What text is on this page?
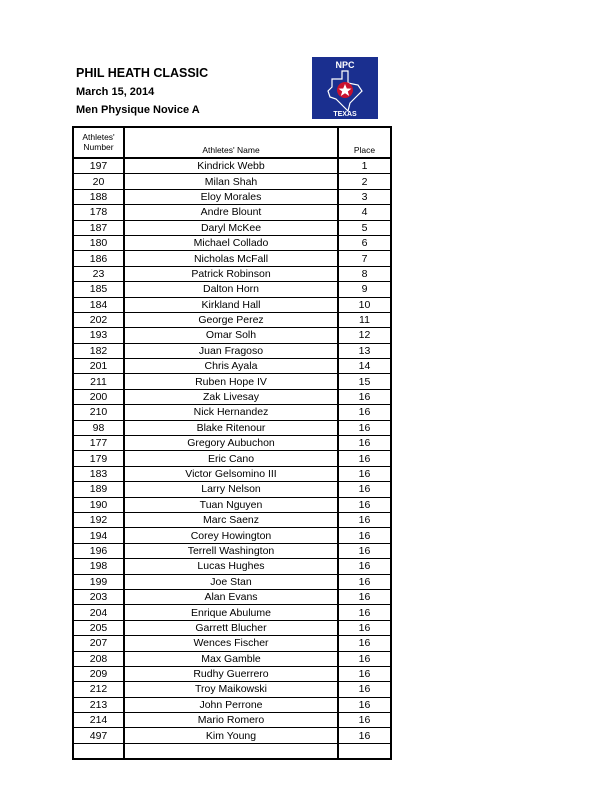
PHIL HEATH CLASSIC
March 15, 2014
Men Physique Novice A
NPC
TEXAS
Athletes'
Number	Athletes' Name	Place
197	Kindrick Webb	1
20	Milan Shah	2
188	Eloy Morales	3
178	Andre Blount	4
187	Daryl McKee	5
180	Michael Collado	6
186	Nicholas McFall	7
23	Patrick Robinson	8
185	Dalton Horn	9
184	Kirkland Hall	10
202	George Perez	11
193	Omar Solh	12
182	Juan Fragoso	13
201	Chris Ayala	14
211	Ruben Hope IV	15
200	Zak Livesay	16
210	Nick Hernandez	16
98	Blake Ritenour	16
177	Gregory Aubuchon	16
179	Eric Cano	16
183	Victor Gelsomino III	16
189	Larry Nelson	16
190	Tuan Nguyen	16
192	Marc Saenz	16
194	Corey Howington	16
196	Terrell Washington	16
198	Lucas Hughes	16
199	Joe Stan	16
203	Alan Evans	16
204	Enrique Abulume	16
205	Garrett Blucher	16
207	Wences Fischer	16
208	Max Gamble	16
209	Rudhy Guerrero	16
212	Troy Maikowski	16
213	John Perrone	16
214	Mario Romero	16
497	Kim Young	16
